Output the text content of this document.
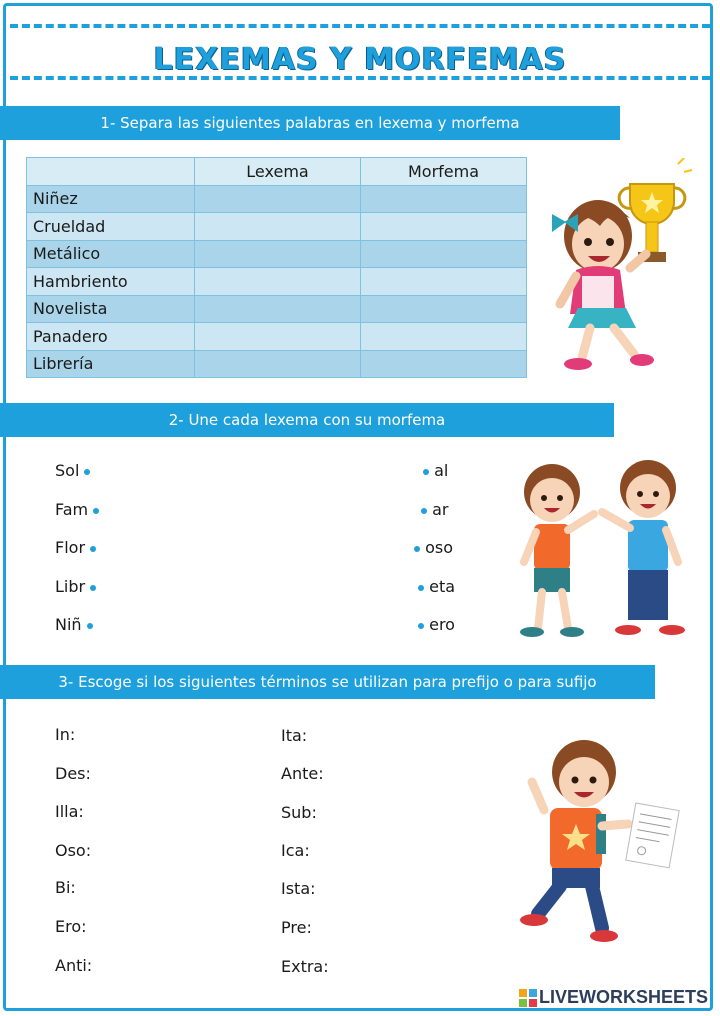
LEXEMAS Y MORFEMAS
1- Separa las siguientes palabras en lexema y morfema
	Lexema	Morfema
Niñez		
Crueldad		
Metálico		
Hambriento		
Novelista		
Panadero		
Librería		
2- Une cada lexema con su morfema
Sol
Fam
Flor
Libr
Niñ
al
ar
oso
eta
ero
3- Escoge si los siguientes términos se utilizan para prefijo o para sufijo
In:
Des:
Illa:
Oso:
Bi:
Ero:
Anti:
Ita:
Ante:
Sub:
Ica:
Ista:
Pre:
Extra:
LIVEWORKSHEETS
